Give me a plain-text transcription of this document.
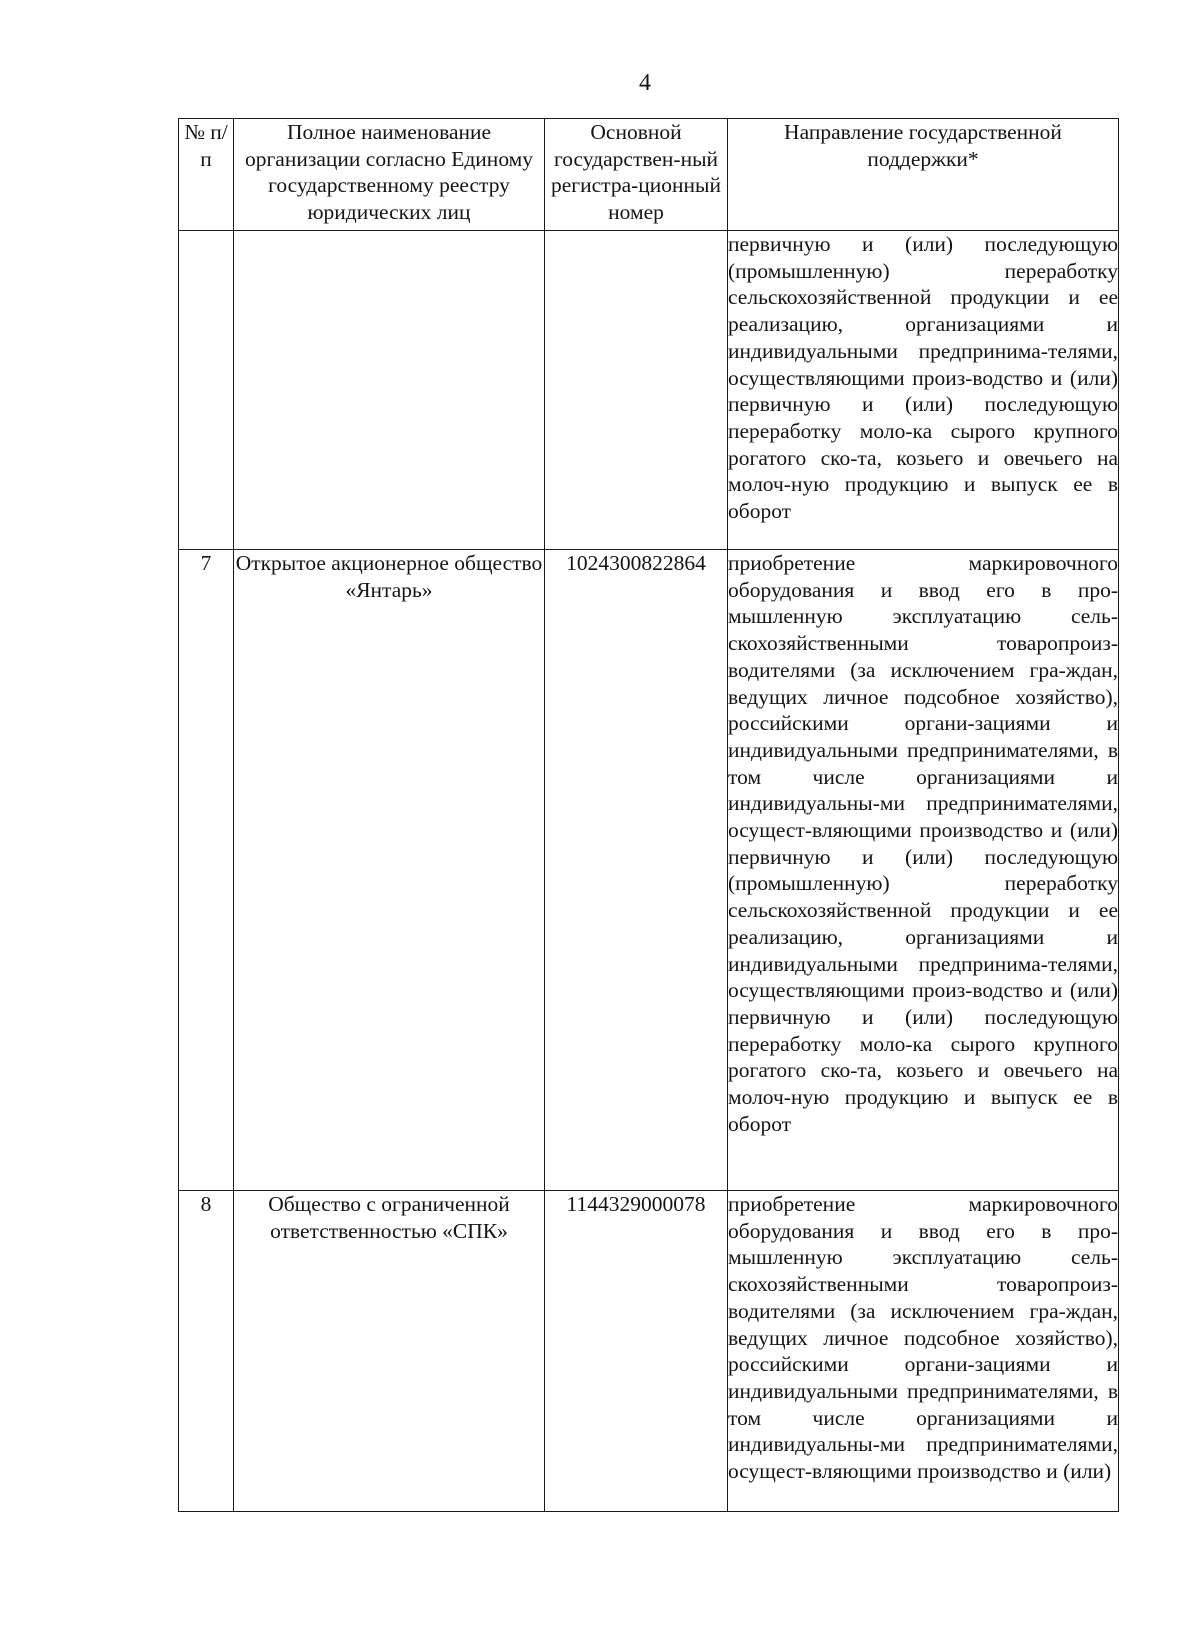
4
№ п/п	Полное наименование организации согласно Единому государственному реестру юридических лиц	Основной государствен-ный регистра-ционный номер	Направление государственной поддержки*

			первичную и (или) последующую (промышленную) переработку сельскохозяйственной продукции и ее реализацию, организациями и индивидуальными предпринима-телями, осуществляющими произ-водство и (или) первичную и (или) последующую переработку моло-ка сырого крупного рогатого ско-та, козьего и овечьего на молоч-ную продукцию и выпуск ее в оборот
7	Открытое акционерное общество «Янтарь»	1024300822864	приобретение маркировочного оборудования и ввод его в про-мышленную эксплуатацию сель-скохозяйственными товаропроиз-водителями (за исключением гра-ждан, ведущих личное подсобное хозяйство), российскими органи-зациями и индивидуальными предпринимателями, в том числе организациями и индивидуальны-ми предпринимателями, осущест-вляющими производство и (или) первичную и (или) последующую (промышленную) переработку сельскохозяйственной продукции и ее реализацию, организациями и индивидуальными предпринима-телями, осуществляющими произ-водство и (или) первичную и (или) последующую переработку моло-ка сырого крупного рогатого ско-та, козьего и овечьего на молоч-ную продукцию и выпуск ее в оборот
8	Общество с ограниченной ответственностью «СПК»	1144329000078	приобретение маркировочного оборудования и ввод его в про-мышленную эксплуатацию сель-скохозяйственными товаропроиз-водителями (за исключением гра-ждан, ведущих личное подсобное хозяйство), российскими органи-зациями и индивидуальными предпринимателями, в том числе организациями и индивидуальны-ми предпринимателями, осущест-вляющими производство и (или)
